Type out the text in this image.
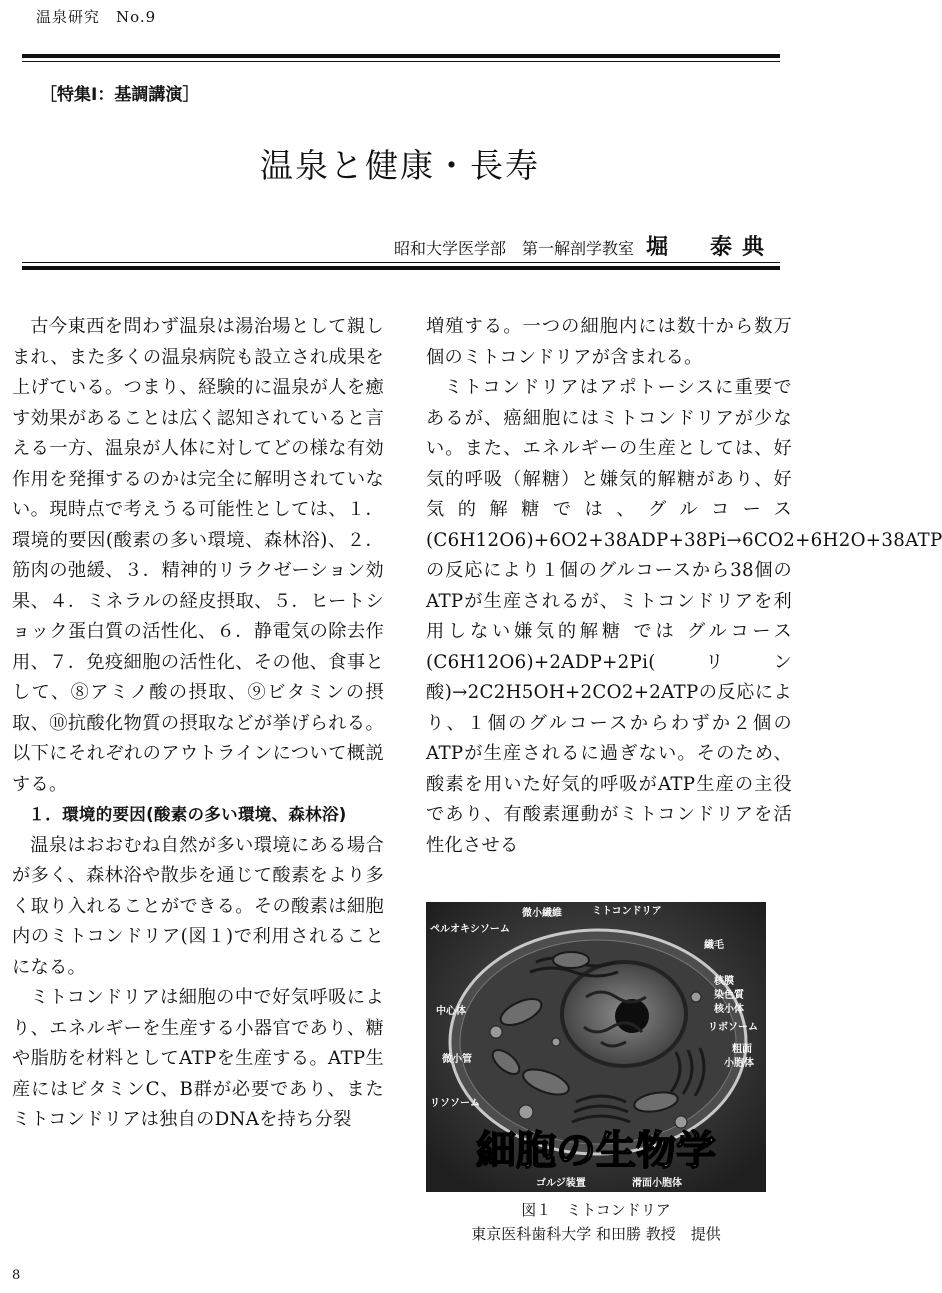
温泉研究　No.9
［特集Ⅰ：基調講演］
温泉と健康・長寿
昭和大学医学部　第一解剖学教室 堀　泰典

古今東西を問わず温泉は湯治場として親しまれ、また多くの温泉病院も設立され成果を上げている。つまり、経験的に温泉が人を癒す効果があることは広く認知されていると言える一方、温泉が人体に対してどの様な有効作用を発揮するのかは完全に解明されていない。現時点で考えうる可能性としては、１．環境的要因(酸素の多い環境、森林浴)、２．筋肉の弛緩、３．精神的リラクゼーション効果、４．ミネラルの経皮摂取、５．ヒートショック蛋白質の活性化、６．静電気の除去作用、７．免疫細胞の活性化、その他、食事として、⑧アミノ酸の摂取、⑨ビタミンの摂取、⑩抗酸化物質の摂取などが挙げられる。以下にそれぞれのアウトラインについて概説する。

１．環境的要因(酸素の多い環境、森林浴)

温泉はおおむね自然が多い環境にある場合が多く、森林浴や散歩を通じて酸素をより多く取り入れることができる。その酸素は細胞内のミトコンドリア(図１)で利用されることになる。

ミトコンドリアは細胞の中で好気呼吸により、エネルギーを生産する小器官であり、糖や脂肪を材料としてATPを生産する。ATP生産にはビタミンC、B群が必要であり、また ミトコンドリアは独自のDNAを持ち分裂

増殖する。一つの細胞内には数十から数万個のミトコンドリアが含まれる。

ミトコンドリアはアポトーシスに重要であるが、癌細胞にはミトコンドリアが少ない。また、エネルギーの生産としては、好気的呼吸（解糖）と嫌気的解糖があり、好気的解糖では、グルコース(C6H12O6)+6O2+38ADP+38Pi→6CO2+6H2O+38ATPの反応により１個のグルコースから38個のATPが生産されるが、ミトコンドリアを利用しない嫌気的解糖 では グルコース(C6H12O6)+2ADP+2Pi(リン酸)→2C2H5OH+2CO2+2ATPの反応により、１個のグルコースからわずか２個のATPが生産されるに過ぎない。そのため、酸素を用いた好気的呼吸がATP生産の主役であり、有酸素運動がミトコンドリアを活性化させる

微小繊維	ミトコンドリア
ペルオキシソーム
繊毛
核膜
染色質
核小体
中心体
リボソーム
粗面
小胞体
微小管
リソソーム
ゴルジ装置	滑面小胞体
細胞の生物学
図１　ミトコンドリア
東京医科歯科大学 和田勝 教授　提供
8
